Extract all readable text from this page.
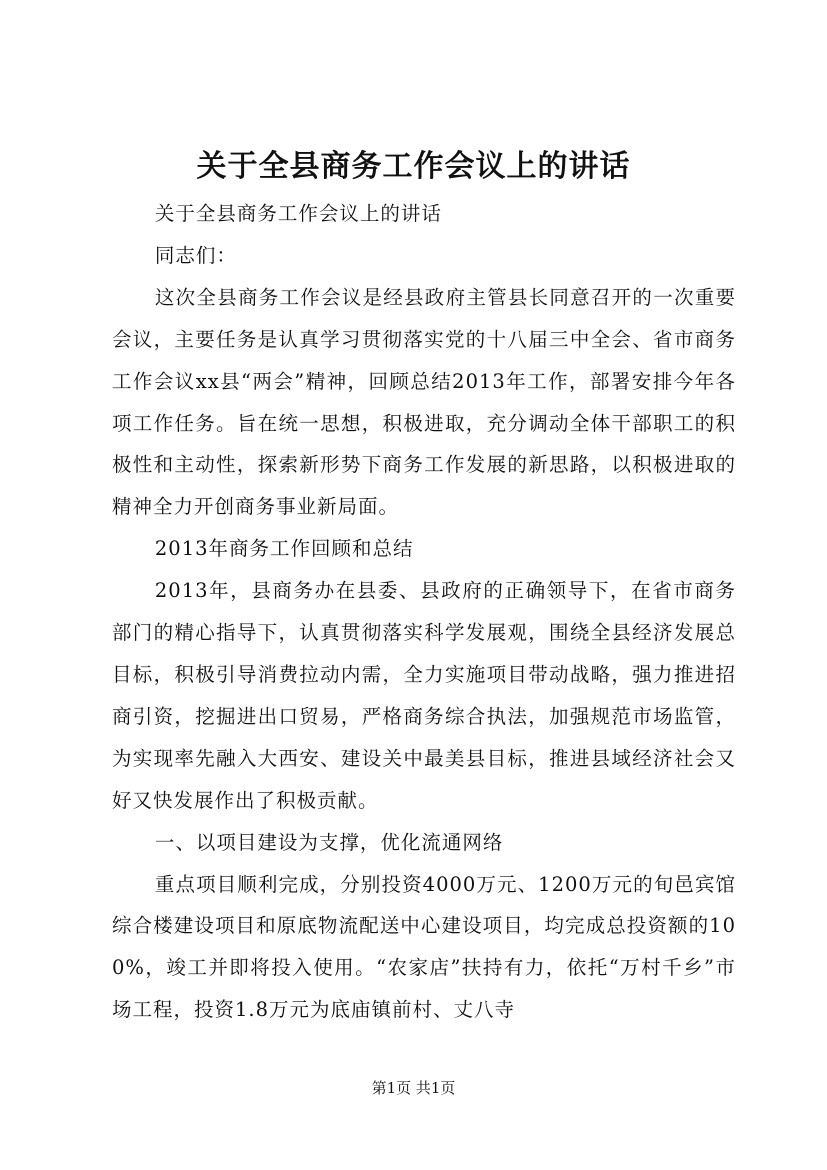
关于全县商务工作会议上的讲话

关于全县商务工作会议上的讲话

同志们：

这次全县商务工作会议是经县政府主管县长同意召开的一次重要会议，主要任务是认真学习贯彻落实党的十八届三中全会、省市商务工作会议xx县“两会”精神，回顾总结2013年工作，部署安排今年各项工作任务。旨在统一思想，积极进取，充分调动全体干部职工的积极性和主动性，探索新形势下商务工作发展的新思路，以积极进取的精神全力开创商务事业新局面。

2013年商务工作回顾和总结

2013年，县商务办在县委、县政府的正确领导下，在省市商务部门的精心指导下，认真贯彻落实科学发展观，围绕全县经济发展总目标，积极引导消费拉动内需，全力实施项目带动战略，强力推进招商引资，挖掘进出口贸易，严格商务综合执法，加强规范市场监管，为实现率先融入大西安、建设关中最美县目标，推进县域经济社会又好又快发展作出了积极贡献。

一、以项目建设为支撑，优化流通网络

重点项目顺利完成，分别投资4000万元、1200万元的旬邑宾馆综合楼建设项目和原底物流配送中心建设项目，均完成总投资额的100%，竣工并即将投入使用。“农家店”扶持有力，依托“万村千乡”市场工程，投资1.8万元为底庙镇前村、丈八寺

第1页 共1页
